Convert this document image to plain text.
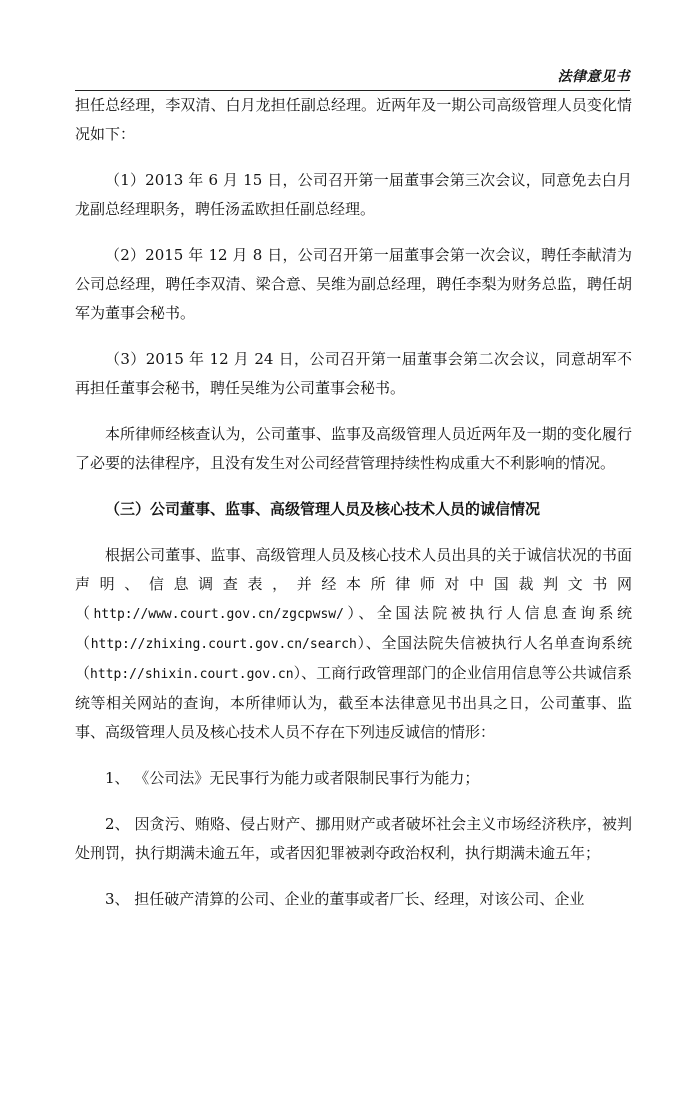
法律意见书

担任总经理，李双清、白月龙担任副总经理。近两年及一期公司高级管理人员变化情况如下：

（1）2013 年 6 月 15 日，公司召开第一届董事会第三次会议，同意免去白月龙副总经理职务，聘任汤孟欧担任副总经理。

（2）2015 年 12 月 8 日，公司召开第一届董事会第一次会议，聘任李献清为公司总经理，聘任李双清、梁合意、吴维为副总经理，聘任李梨为财务总监，聘任胡军为董事会秘书。

（3）2015 年 12 月 24 日，公司召开第一届董事会第二次会议，同意胡军不再担任董事会秘书，聘任吴维为公司董事会秘书。

本所律师经核查认为，公司董事、监事及高级管理人员近两年及一期的变化履行了必要的法律程序，且没有发生对公司经营管理持续性构成重大不利影响的情况。

（三）公司董事、监事、高级管理人员及核心技术人员的诚信情况

根据公司董事、监事、高级管理人员及核心技术人员出具的关于诚信状况的书面声明、信息调查表，并经本所律师对中国裁判文书网（http://www.court.gov.cn/zgcpwsw/）、全国法院被执行人信息查询系统（http://zhixing.court.gov.cn/search）、全国法院失信被执行人名单查询系统（http://shixin.court.gov.cn）、工商行政管理部门的企业信用信息等公共诚信系统等相关网站的查询，本所律师认为，截至本法律意见书出具之日，公司董事、监事、高级管理人员及核心技术人员不存在下列违反诚信的情形：

1、 《公司法》无民事行为能力或者限制民事行为能力；

2、 因贪污、贿赂、侵占财产、挪用财产或者破坏社会主义市场经济秩序，被判处刑罚，执行期满未逾五年，或者因犯罪被剥夺政治权利，执行期满未逾五年；

3、 担任破产清算的公司、企业的董事或者厂长、经理，对该公司、企业
